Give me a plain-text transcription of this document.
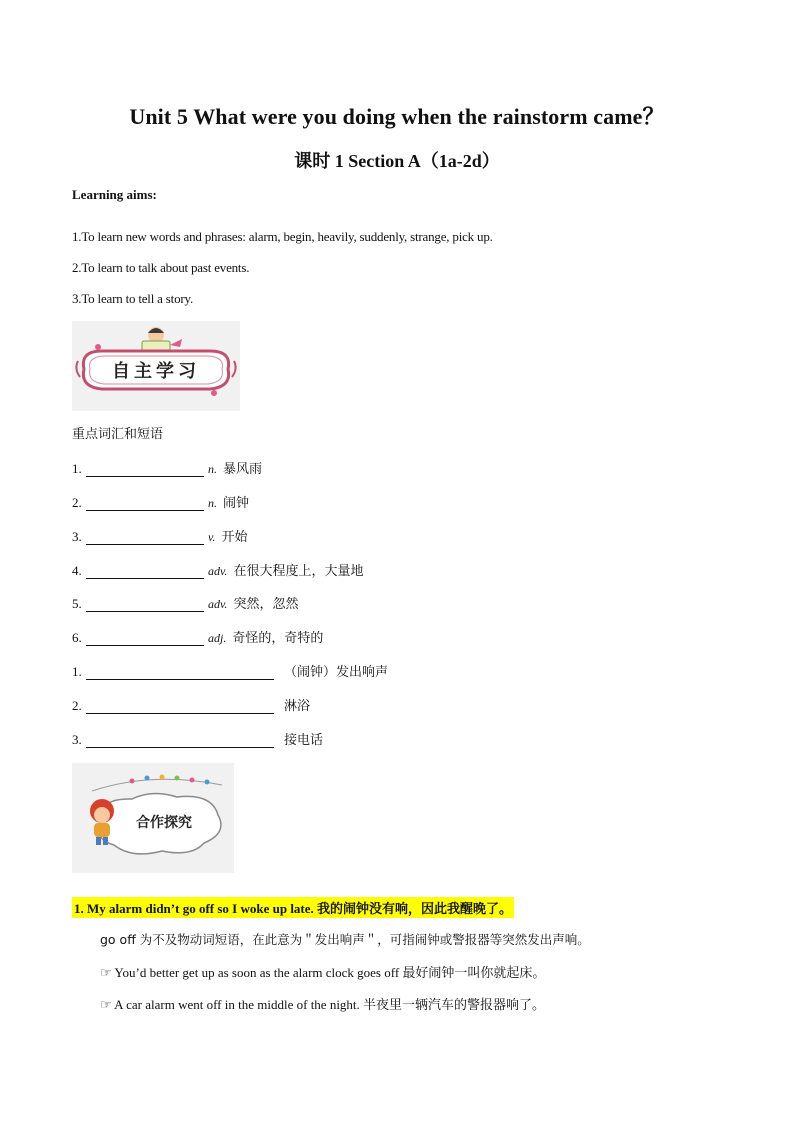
Unit 5 What were you doing when the rainstorm came？
课时 1 Section A（1a-2d）
Learning aims:
1.To learn new words and phrases: alarm, begin, heavily, suddenly, strange, pick up.
2.To learn to talk about past events.
3.To learn to tell a story.
自主学习
重点词汇和短语
1.	n. 暴风雨
2.	n. 闹钟
3.	v. 开始
4.	adv. 在很大程度上，大量地
5.	adv. 突然，忽然
6.	adj. 奇怪的，奇特的
1.	（闹钟）发出响声
2.	淋浴
3.	接电话
合作探究
1. My alarm didn’t go off so I woke up late. 我的闹钟没有响，因此我醒晚了。
go off 为不及物动词短语，在此意为＂发出响声＂，可指闹钟或警报器等突然发出声响。
☞ You’d better get up as soon as the alarm clock goes off 最好闹钟一叫你就起床。
☞ A car alarm went off in the middle of the night. 半夜里一辆汽车的警报器响了。
